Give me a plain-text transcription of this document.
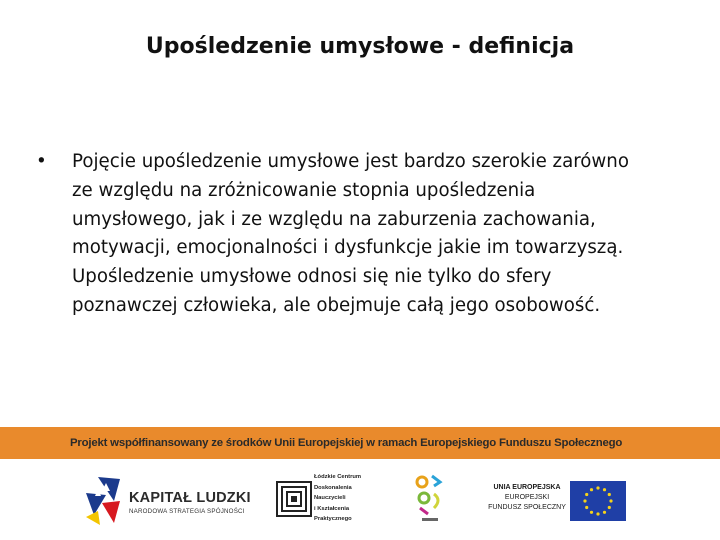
Upośledzenie umysłowe - definicja
• Pojęcie upośledzenie umysłowe jest bardzo szerokie zarówno
ze względu na zróżnicowanie stopnia upośledzenia
umysłowego, jak i ze względu na zaburzenia zachowania,
motywacji, emocjonalności i dysfunkcje jakie im towarzyszą.
Upośledzenie umysłowe odnosi się nie tylko do sfery
poznawczej człowieka, ale obejmuje całą jego osobowość.
Projekt współfinansowany ze środków Unii Europejskiej w ramach Europejskiego Funduszu Społecznego
KAPITAŁ LUDZKI
NARODOWA STRATEGIA SPÓJNOŚCI
Łódzkie Centrum
Doskonalenia Nauczycieli
i Kształcenia Praktycznego
UNIA EUROPEJSKA
EUROPEJSKI
FUNDUSZ SPOŁECZNY
